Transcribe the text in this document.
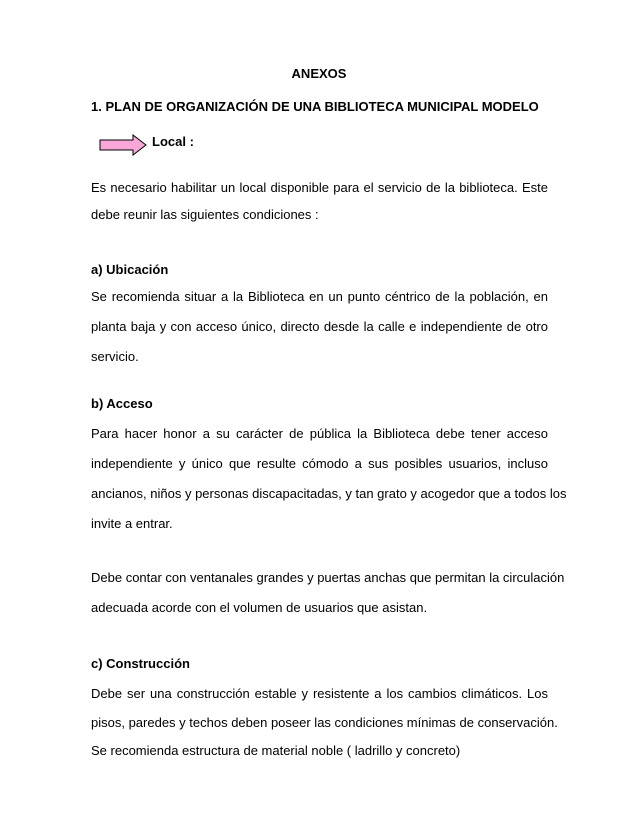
ANEXOS
1. PLAN DE ORGANIZACIÓN DE UNA BIBLIOTECA MUNICIPAL MODELO
Local :
Es necesario habilitar un local disponible para el servicio de la biblioteca. Este
debe reunir las siguientes condiciones :
a) Ubicación
Se recomienda situar a la Biblioteca en un punto céntrico de la población, en
planta baja y con acceso único, directo desde la calle e independiente de otro
servicio.
b) Acceso
Para hacer honor a su carácter de pública la Biblioteca debe tener acceso
independiente y único que resulte cómodo a sus posibles usuarios, incluso
ancianos, niños y personas discapacitadas, y tan grato y acogedor que a todos los
invite a entrar.
Debe contar con ventanales grandes y puertas anchas que permitan la circulación
adecuada acorde con el volumen de usuarios que asistan.
c) Construcción
Debe ser una construcción estable y resistente a los cambios climáticos. Los
pisos, paredes y techos deben poseer las condiciones mínimas de conservación.
Se recomienda estructura de material noble ( ladrillo y concreto)
